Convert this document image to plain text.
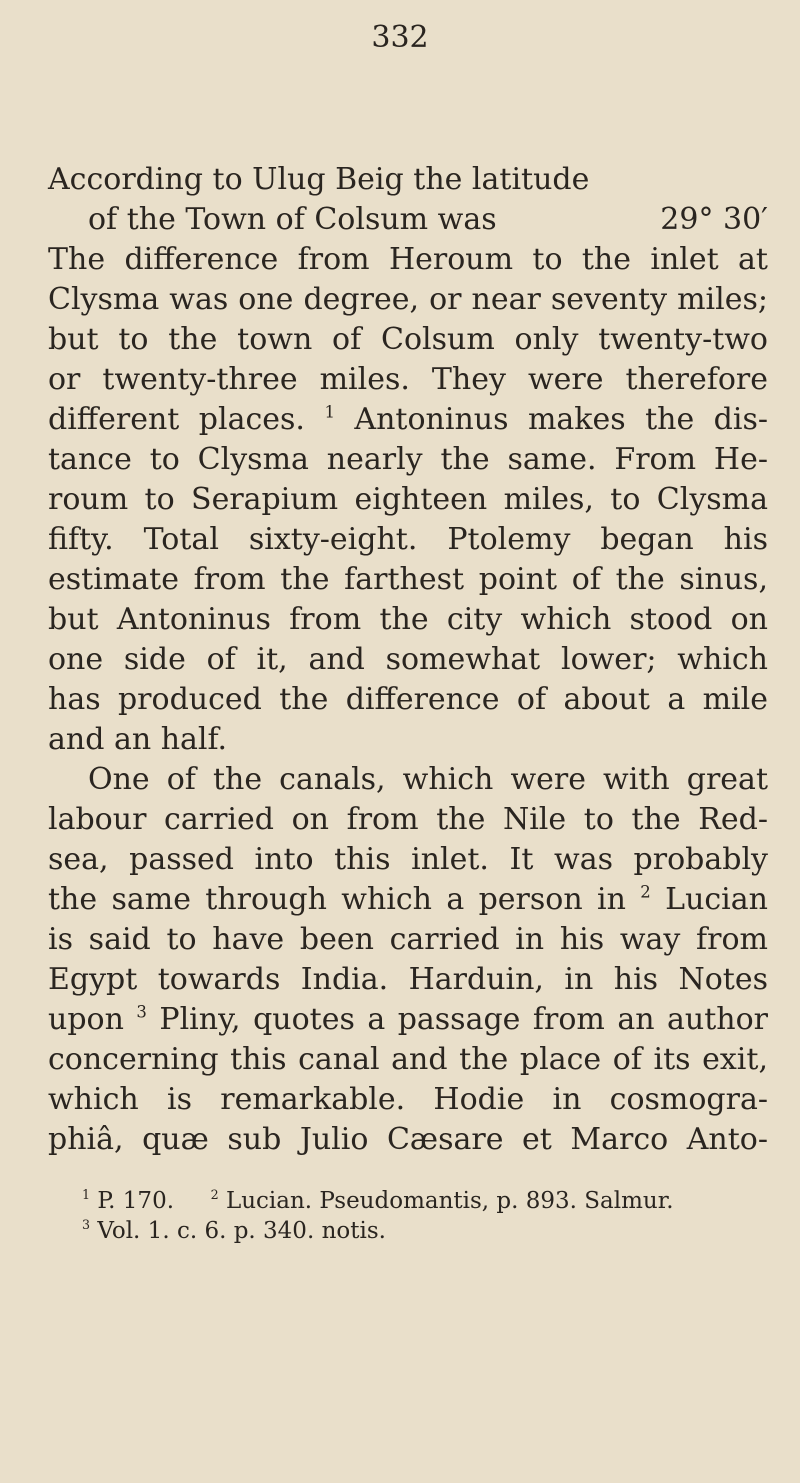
332
According to Ulug Beig the latitude
of the Town of Colsum was	29° 30′
The difference from Heroum to the inlet at
Clysma was one degree, or near seventy miles;
but to the town of Colsum only twenty-two
or twenty-three miles. They were therefore
different places. $^1$ Antoninus makes the dis-
tance to Clysma nearly the same. From He-
roum to Serapium eighteen miles, to Clysma
fifty. Total sixty-eight. Ptolemy began his
estimate from the farthest point of the sinus,
but Antoninus from the city which stood on
one side of it, and somewhat lower; which
has produced the difference of about a mile
and an half.
One of the canals, which were with great
labour carried on from the Nile to the Red-
sea, passed into this inlet. It was probably
the same through which a person in $^2$ Lucian
is said to have been carried in his way from
Egypt towards India. Harduin, in his Notes
upon $^3$ Pliny, quotes a passage from an author
concerning this canal and the place of its exit,
which is remarkable. Hodie in cosmogra-
phiâ, quæ sub Julio Cæsare et Marco Anto-
$^1$ P. 170.	$^2$ Lucian. Pseudomantis, p. 893. Salmur.
$^3$ Vol. 1. c. 6. p. 340. notis.
